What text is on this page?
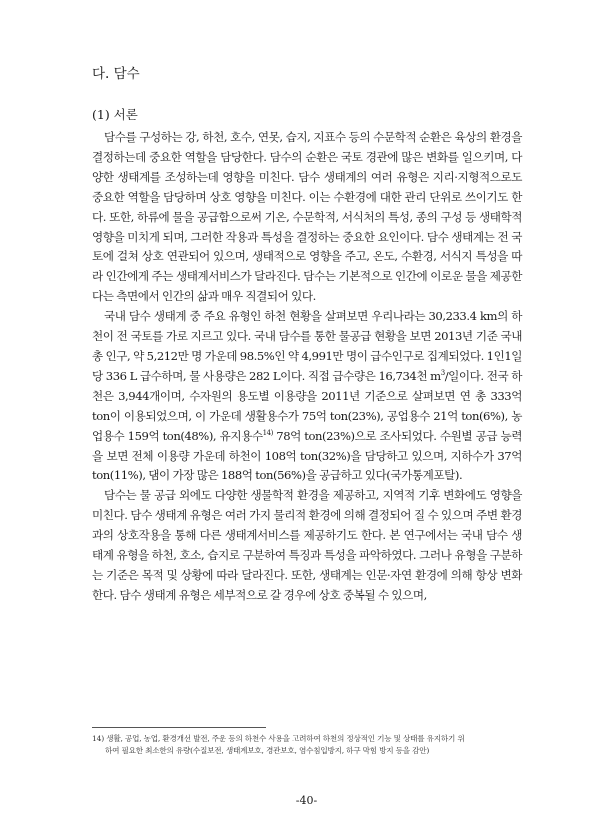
다. 담수
(1) 서론

담수를 구성하는 강, 하천, 호수, 연못, 습지, 지표수 등의 수문학적 순환은 육상의 환경을 결정하는데 중요한 역할을 담당한다. 담수의 순환은 국토 경관에 많은 변화를 일으키며, 다양한 생태계를 조성하는데 영향을 미친다. 담수 생태계의 여러 유형은 지리·지형적으로도 중요한 역할을 담당하며 상호 영향을 미친다. 이는 수환경에 대한 관리 단위로 쓰이기도 한다. 또한, 하류에 물을 공급함으로써 기온, 수문학적, 서식처의 특성, 종의 구성 등 생태학적 영향을 미치게 되며, 그러한 작용과 특성을 결정하는 중요한 요인이다. 담수 생태계는 전 국토에 걸쳐 상호 연관되어 있으며, 생태적으로 영향을 주고, 온도, 수환경, 서식지 특성을 따라 인간에게 주는 생태계서비스가 달라진다. 담수는 기본적으로 인간에 이로운 물을 제공한다는 측면에서 인간의 삶과 매우 직결되어 있다.

국내 담수 생태계 중 주요 유형인 하천 현황을 살펴보면 우리나라는 30,233.4 km의 하천이 전 국토를 가로 지르고 있다. 국내 담수를 통한 물공급 현황을 보면 2013년 기준 국내 총 인구, 약 5,212만 명 가운데 98.5%인 약 4,991만 명이 급수인구로 집계되었다. 1인1일당 336 L 급수하며, 물 사용량은 282 L이다. 직접 급수량은 16,734천 $m^3/$일이다. 전국 하천은 3,944개이며, 수자원의 용도별 이용량을 2011년 기준으로 살펴보면 연 총 333억 ton이 이용되었으며, 이 가운데 생활용수가 75억 ton(23%), 공업용수 21억 ton(6%), 농업용수 159억 ton(48%), 유지용수$^{14)}$ 78억 ton(23%)으로 조사되었다. 수원별 공급 능력을 보면 전체 이용량 가운데 하천이 108억 ton(32%)을 담당하고 있으며, 지하수가 37억 ton(11%), 댐이 가장 많은 188억 ton(56%)을 공급하고 있다(국가통계포탈).

담수는 물 공급 외에도 다양한 생물학적 환경을 제공하고, 지역적 기후 변화에도 영향을 미친다. 담수 생태계 유형은 여러 가지 물리적 환경에 의해 결정되어 질 수 있으며 주변 환경과의 상호작용을 통해 다른 생태계서비스를 제공하기도 한다. 본 연구에서는 국내 담수 생태계 유형을 하천, 호소, 습지로 구분하여 특징과 특성을 파악하였다. 그러나 유형을 구분하는 기준은 목적 및 상황에 따라 달라진다. 또한, 생태계는 인문·자연 환경에 의해 항상 변화한다. 담수 생태계 유형은 세부적으로 갈 경우에 상호 중복될 수 있으며,

14) 생활, 공업, 농업, 환경개선 발전, 주운 등의 하천수 사용을 고려하여 하천의 정상적인 기능 및 상태를 유지하기 위
하여 필요한 최소한의 유량(수질보전, 생태계보호, 경관보호, 염수침입방지, 하구 막힘 방지 등을 감안)
-40-
